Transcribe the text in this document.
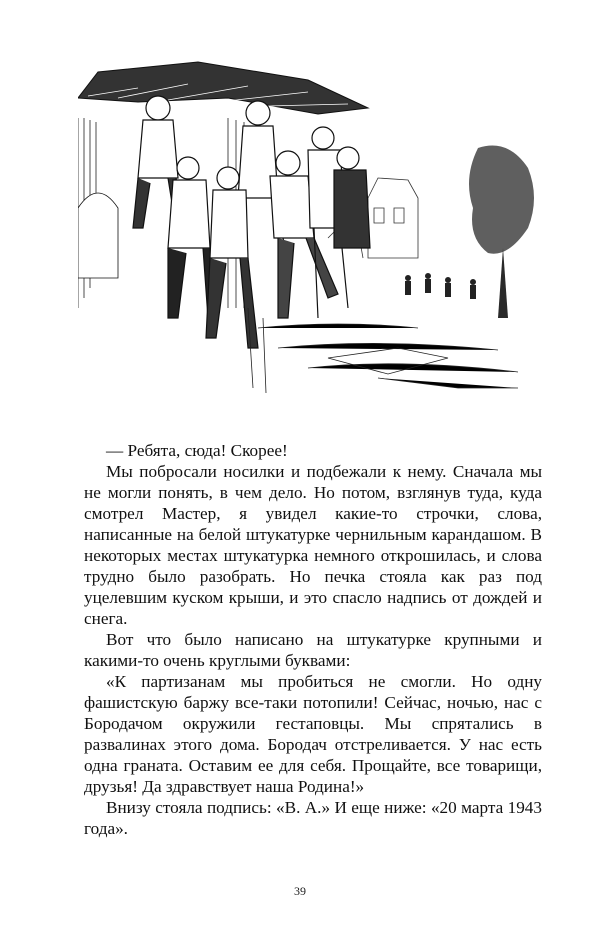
— Ребята, сюда! Скорее!

Мы побросали носилки и подбежали к нему. Сначала мы не могли понять, в чем дело. Но потом, взглянув туда, куда смотрел Мастер, я увидел какие-то строчки, слова, написанные на белой штукатурке чернильным карандашом. В некоторых местах штукатурка немного открошилась, и слова трудно было разобрать. Но печка стояла как раз под уцелевшим куском крыши, и это спасло надпись от дождей и снега.

Вот что было написано на штукатурке крупными и какими-то очень круглыми буквами:

«К партизанам мы пробиться не смогли. Но одну фашистскую баржу все-таки потопили! Сейчас, ночью, нас с Бородачом окружили гестаповцы. Мы спрятались в развалинах этого дома. Бородач отстреливается. У нас есть одна граната. Оставим ее для себя. Прощайте, все товарищи, друзья! Да здравствует наша Родина!»

Внизу стояла подпись: «В. А.» И еще ниже: «20 марта 1943 года».

39
